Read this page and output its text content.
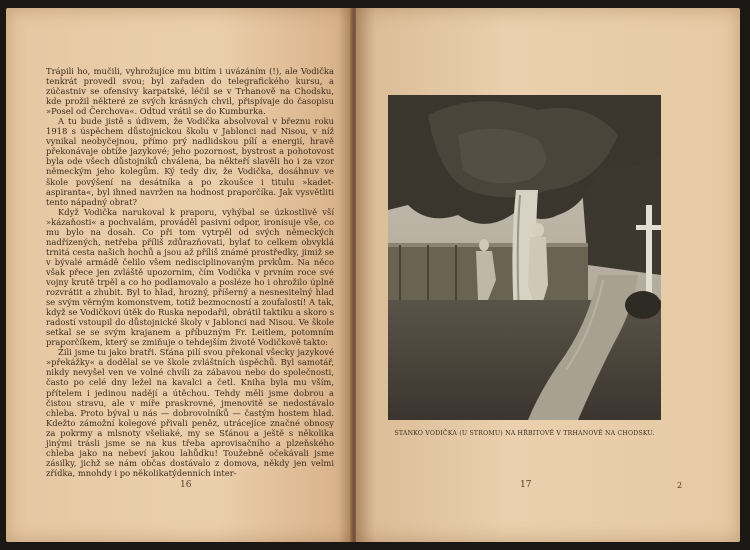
Trápili ho, mučili, vyhrožujíce mu bitím i uvázáním (!), ale Vodička tenkrát provedl svou; byl zařaden do telegrafického kursu, a zúčastniv se ofensivy karpatské, léčil se v Trhanově na Chodsku, kde prožil některé ze svých krásných chvil, přispívaje do časopisu »Posel od Čerchova«. Odtud vrátil se do Kumburka.

A tu bude jistě s údivem, že Vodička absolvoval v březnu roku 1918 s úspěchem důstojnickou školu v Jablonci nad Nisou, v níž vynikal neobyčejnou, přímo prý nadlidskou pílí a energií, hravě překonávaje obtíže jazykové; jeho pozornost, bystrost a pohotovost byla ode všech důstojníků chválena, ba někteří slavěli ho i za vzor německým jeho kolegům. Ký tedy div, že Vodička, dosáhnuv ve škole povýšení na desátníka a po zkoušce i titulu »kadet-aspiranta«, byl ihned navržen na hodnost praporčíka. Jak vysvětliti tento nápadný obrat?

Když Vodička narukoval k praporu, vyhýbal se úzkostlivě vší »kázaňosti« a pochvalám, prováděl pasivní odpor, ironisuje vše, co mu bylo na dosah. Co při tom vytrpěl od svých německých nadřízených, netřeba příliš zdůrazňovati, bylať to celkem obvyklá trnitá cesta našich hochů a jsou až příliš známé prostředky, jimiž se v bývalé armádě čelilo všem nedisciplinovaným prvkům. Na něco však přece jen zvláště upozornim, čím Vodička v prvním roce své vojny krutě trpěl a co ho podlamovalo a posléze ho i ohrožilo úplně rozvrátit a zhubit. Byl to hlad, hrozný, příšerný a nesnesitelný hlad se svým věrným komonstvem, totiž bezmocností a zoufalostí! A tak, když se Vodičkovi útěk do Ruska nepodařil, obrátil taktiku a skoro s radostí vstoupil do důstojnické školy v Jablonci nad Nisou. Ve škole setkal se se svým krajanem a příbuzným Fr. Leitlem, potomním praporčíkem, který se zmiňuje o tehdejším životě Vodičkově takto:

Žili jsme tu jako bratři. Sťána pilí svou překonal všecky jazykové »překážky« a dodělal se ve škole zvláštních úspěchů. Byl samotář, nikdy nevyšel ven ve volné chvíli za zábavou nebo do společnosti, často po celé dny ležel na kavalci a četl. Kniha byla mu vším, přítelem i jedinou nadějí a útěchou. Tehdy měli jsme dobrou a čistou stravu, ale v míře praskrovné, jmenovitě se nedostávalo chleba. Proto býval u nás — dobrovolníků — častým hostem hlad. Kdežto zámožní kolegové přivali peněz, utrácejíce značné obnosy za pokrmy a mlsnoty všeliaké, my se Sťánou a ještě s několika jinými trásli jsme se na kus třeba aprovisačního a plzeňského chleba jako na nebeví jakou lahůdku! Toužebně očekávali jsme zásilky, jichž se nám občas dostávalo z domova, někdy jen velmi zřídka, mnohdy i po několikatýdenních inter-

16
STANKO VODIČKA (U STROMU) NA HŘBITOVĚ V TRHANOVĚ NA CHODSKU.
17	2
